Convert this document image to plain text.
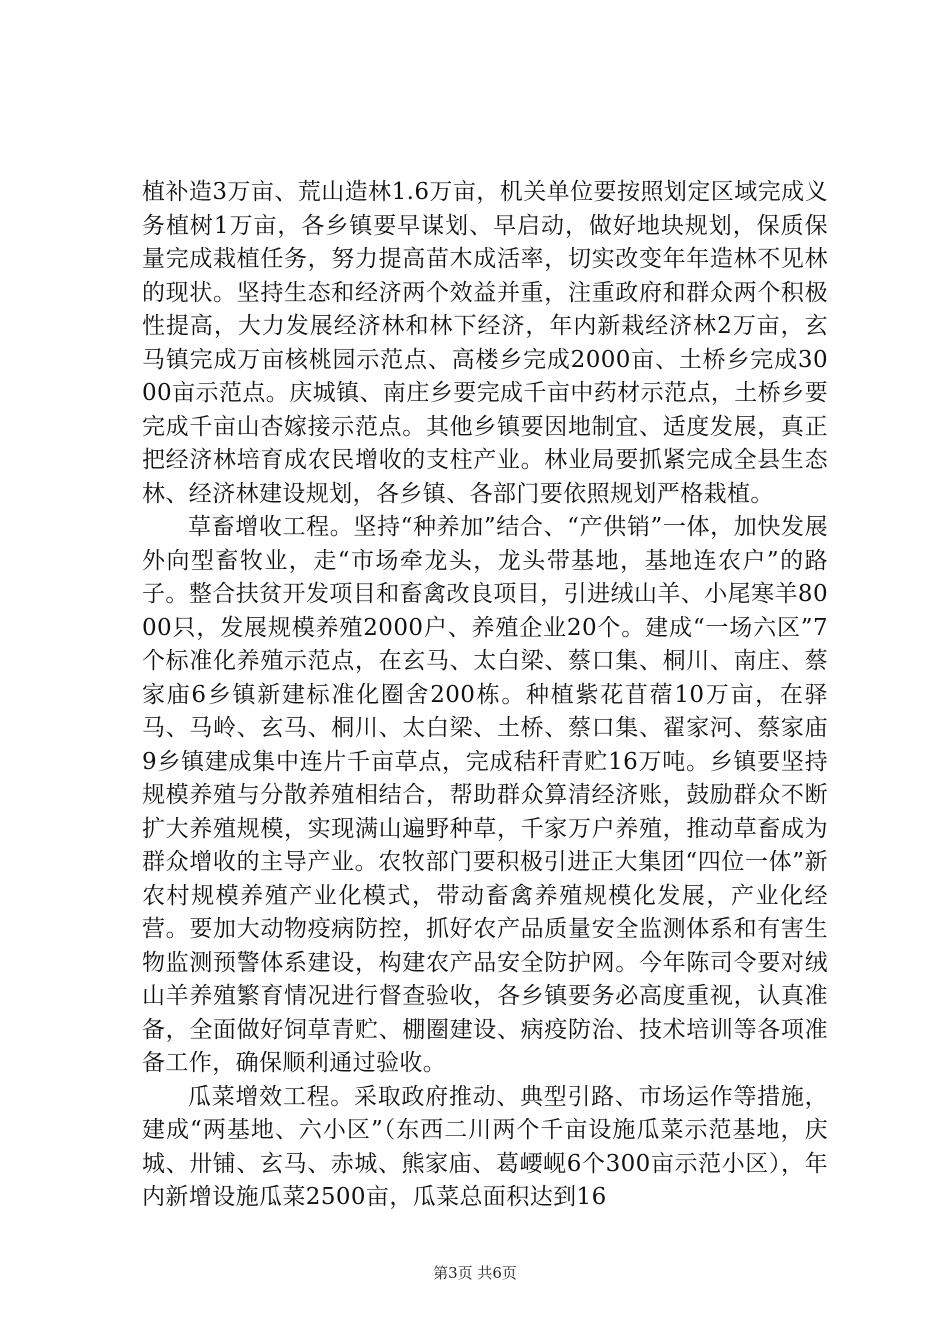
植补造3万亩、荒山造林1.6万亩，机关单位要按照划定区域完成义务植树1万亩，各乡镇要早谋划、早启动，做好地块规划，保质保量完成栽植任务，努力提高苗木成活率，切实改变年年造林不见林的现状。坚持生态和经济两个效益并重，注重政府和群众两个积极性提高，大力发展经济林和林下经济，年内新栽经济林2万亩，玄马镇完成万亩核桃园示范点、高楼乡完成2000亩、土桥乡完成3000亩示范点。庆城镇、南庄乡要完成千亩中药材示范点，土桥乡要完成千亩山杏嫁接示范点。其他乡镇要因地制宜、适度发展，真正把经济林培育成农民增收的支柱产业。林业局要抓紧完成全县生态林、经济林建设规划，各乡镇、各部门要依照规划严格栽植。

草畜增收工程。坚持“种养加”结合、“产供销”一体，加快发展外向型畜牧业，走“市场牵龙头，龙头带基地，基地连农户”的路子。整合扶贫开发项目和畜禽改良项目，引进绒山羊、小尾寒羊8000只，发展规模养殖2000户、养殖企业20个。建成“一场六区”7个标准化养殖示范点，在玄马、太白梁、蔡口集、桐川、南庄、蔡家庙6乡镇新建标准化圈舍200栋。种植紫花苜蓿10万亩，在驿马、马岭、玄马、桐川、太白梁、土桥、蔡口集、翟家河、蔡家庙9乡镇建成集中连片千亩草点，完成秸秆青贮16万吨。乡镇要坚持规模养殖与分散养殖相结合，帮助群众算清经济账，鼓励群众不断扩大养殖规模，实现满山遍野种草，千家万户养殖，推动草畜成为群众增收的主导产业。农牧部门要积极引进正大集团“四位一体”新农村规模养殖产业化模式，带动畜禽养殖规模化发展，产业化经营。要加大动物疫病防控，抓好农产品质量安全监测体系和有害生物监测预警体系建设，构建农产品安全防护网。今年陈司令要对绒山羊养殖繁育情况进行督查验收，各乡镇要务必高度重视，认真准备，全面做好饲草青贮、棚圈建设、病疫防治、技术培训等各项准备工作，确保顺利通过验收。

瓜菜增效工程。采取政府推动、典型引路、市场运作等措施，建成“两基地、六小区”（东西二川两个千亩设施瓜菜示范基地，庆城、卅铺、玄马、赤城、熊家庙、葛崾岘6个300亩示范小区），年内新增设施瓜菜2500亩，瓜菜总面积达到16

第3页 共6页
